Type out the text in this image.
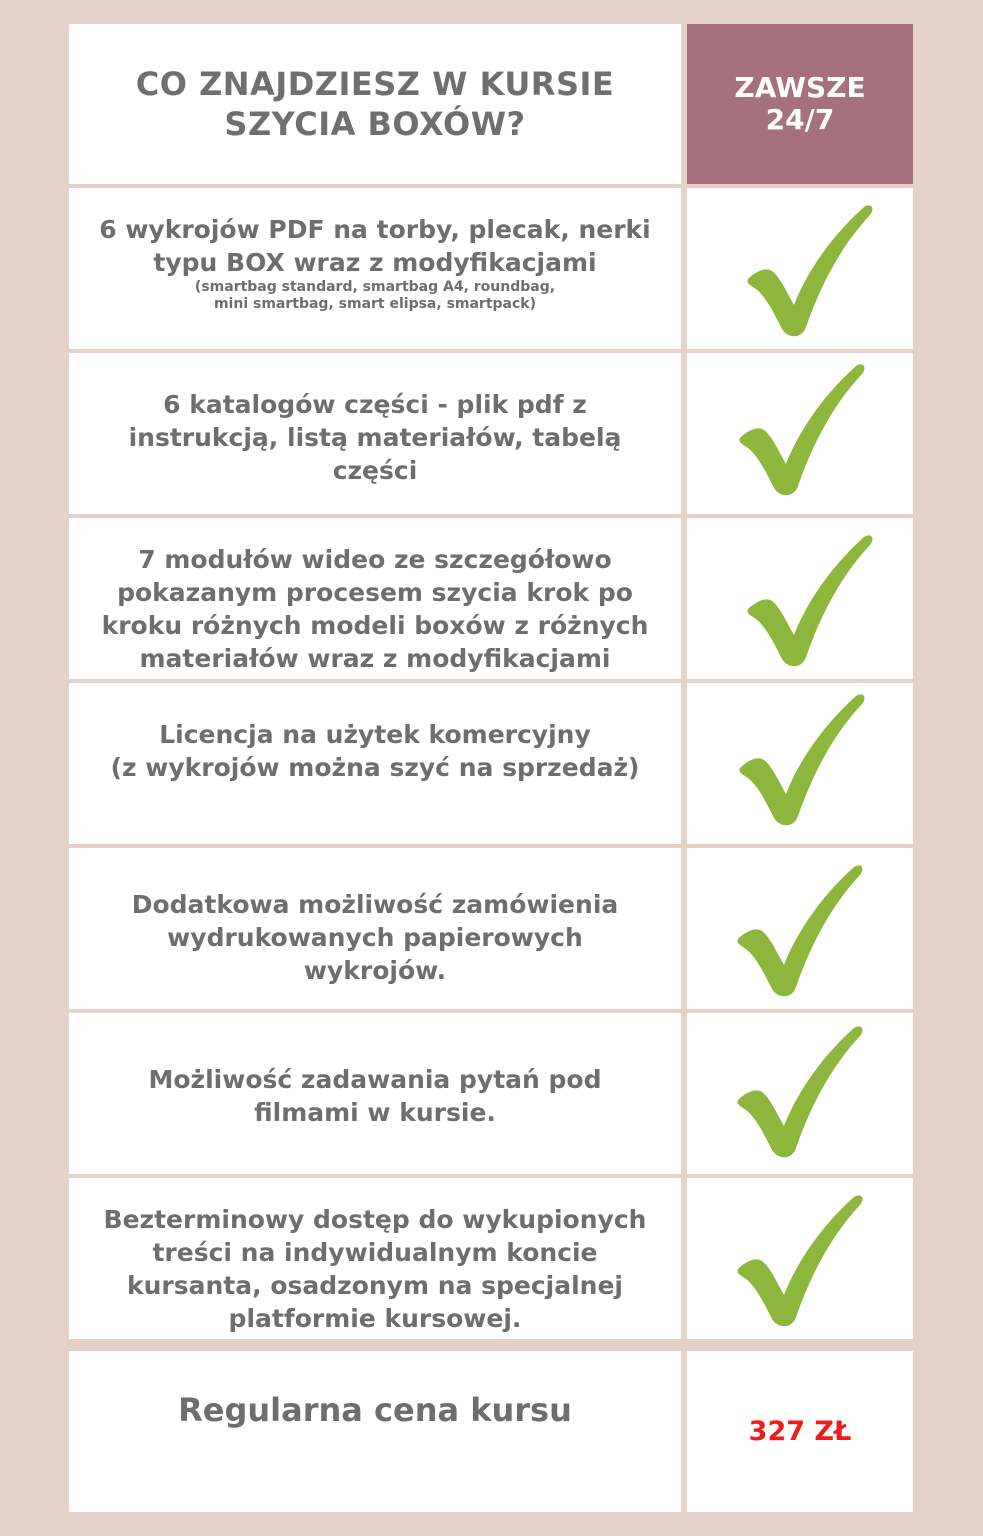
CO ZNAJDZIESZ W KURSIE
SZYCIA BOXÓW?
ZAWSZE
24/7
6 wykrojów PDF na torby, plecak, nerki
typu BOX wraz z modyfikacjami
(smartbag standard, smartbag A4, roundbag,
mini smartbag, smart elipsa, smartpack)
6 katalogów części - plik pdf z
instrukcją, listą materiałów, tabelą
części
7 modułów wideo ze szczegółowo
pokazanym procesem szycia krok po
kroku różnych modeli boxów z różnych
materiałów wraz z modyfikacjami
Licencja na użytek komercyjny
(z wykrojów można szyć na sprzedaż)
Dodatkowa możliwość zamówienia
wydrukowanych papierowych
wykrojów.
Możliwość zadawania pytań pod
filmami w kursie.
Bezterminowy dostęp do wykupionych
treści na indywidualnym koncie
kursanta, osadzonym na specjalnej
platformie kursowej.
Regularna cena kursu
327 ZŁ
